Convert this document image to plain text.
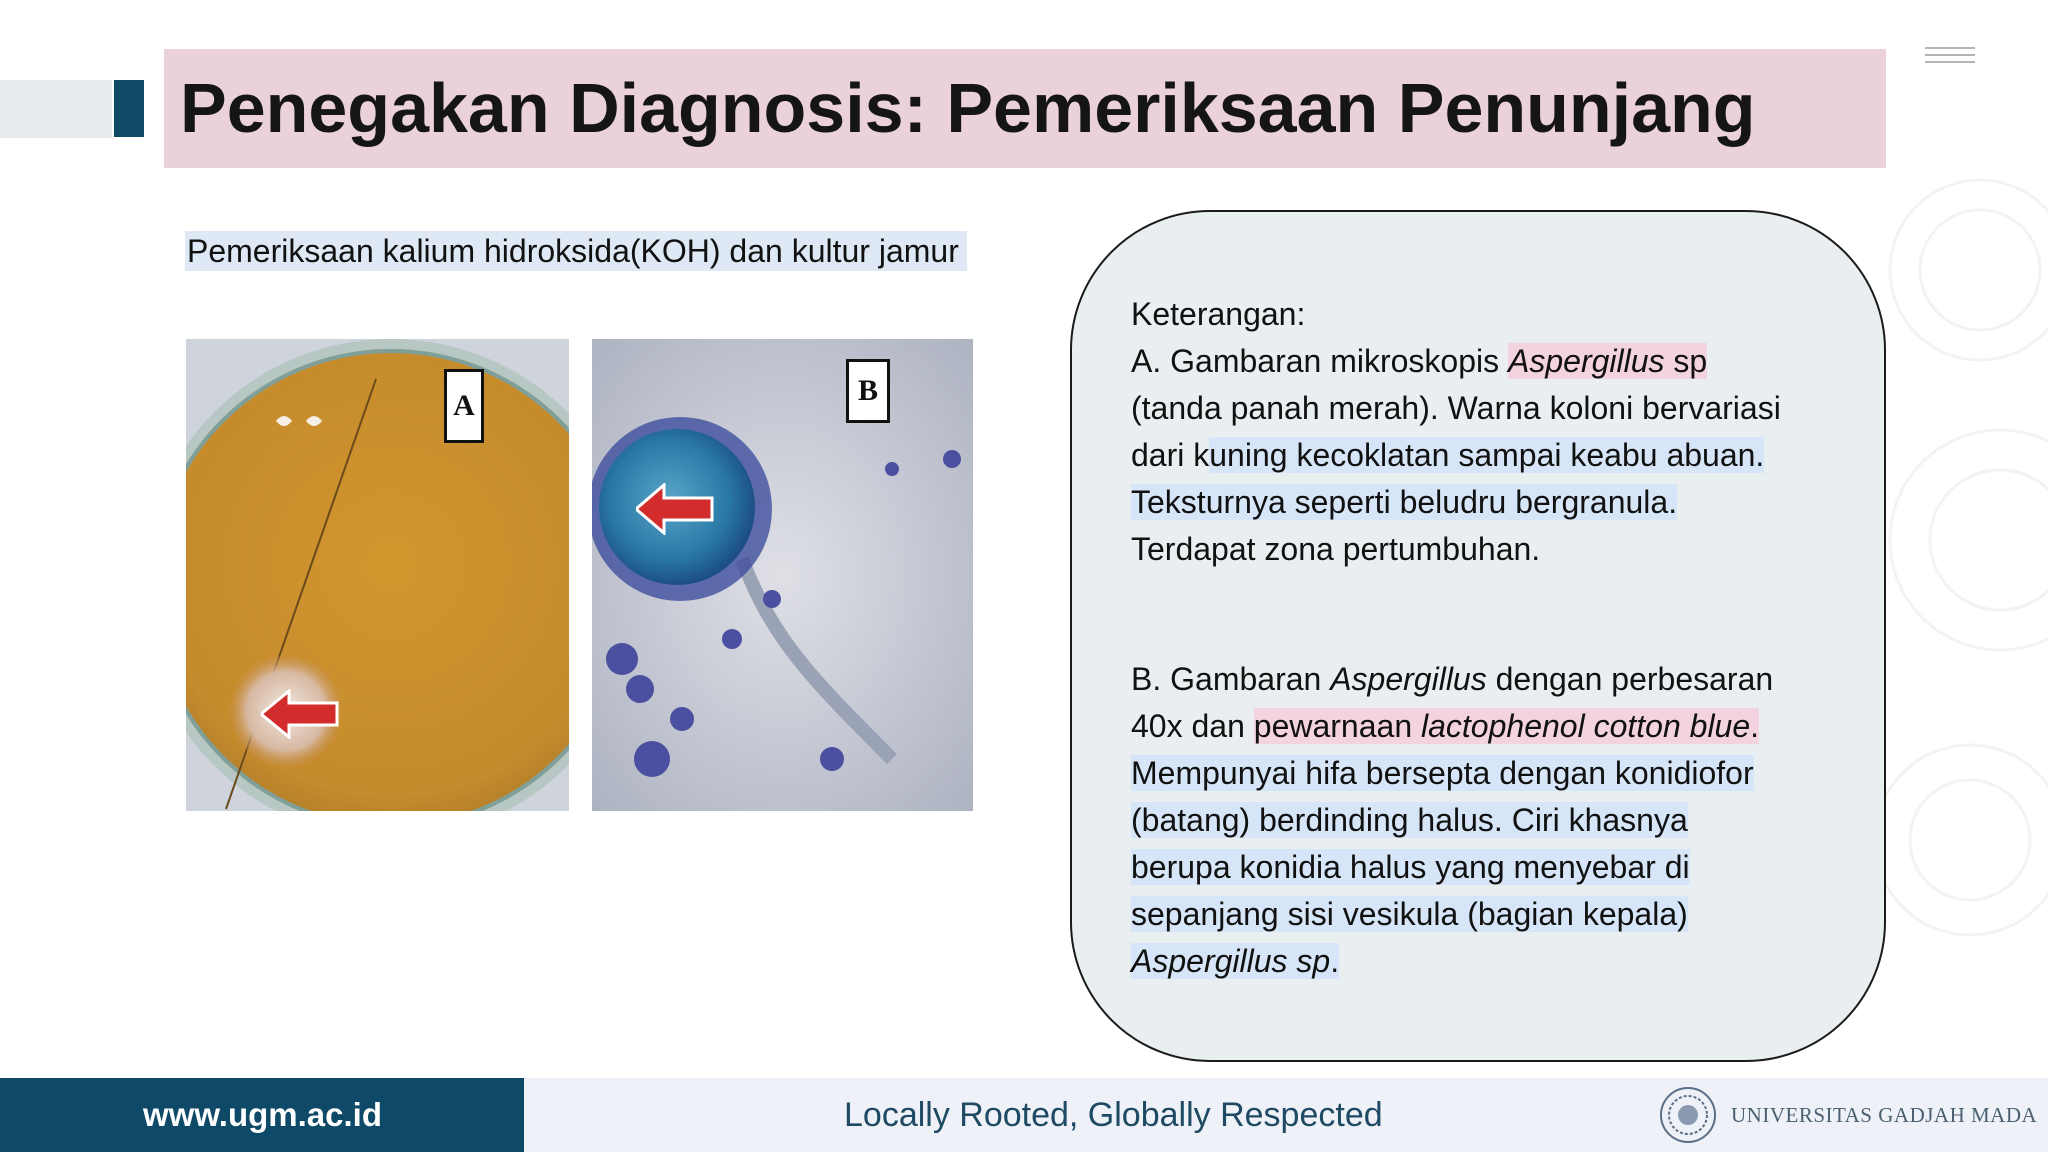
Penegakan Diagnosis: Pemeriksaan Penunjang
Pemeriksaan kalium hidroksida(KOH) dan kultur jamur
A	B
Keterangan:
A. Gambaran mikroskopis Aspergillus sp
(tanda panah merah). Warna koloni bervariasi
dari kuning kecoklatan sampai keabu abuan.
Teksturnya seperti beludru bergranula.
Terdapat zona pertumbuhan.
B. Gambaran Aspergillus dengan perbesaran
40x dan pewarnaan lactophenol cotton blue.
Mempunyai hifa bersepta dengan konidiofor
(batang) berdinding halus. Ciri khasnya
berupa konidia halus yang menyebar di
sepanjang sisi vesikula (bagian kepala)
Aspergillus sp.
www.ugm.ac.id	Locally Rooted, Globally Respected	UNIVERSITAS GADJAH MADA
